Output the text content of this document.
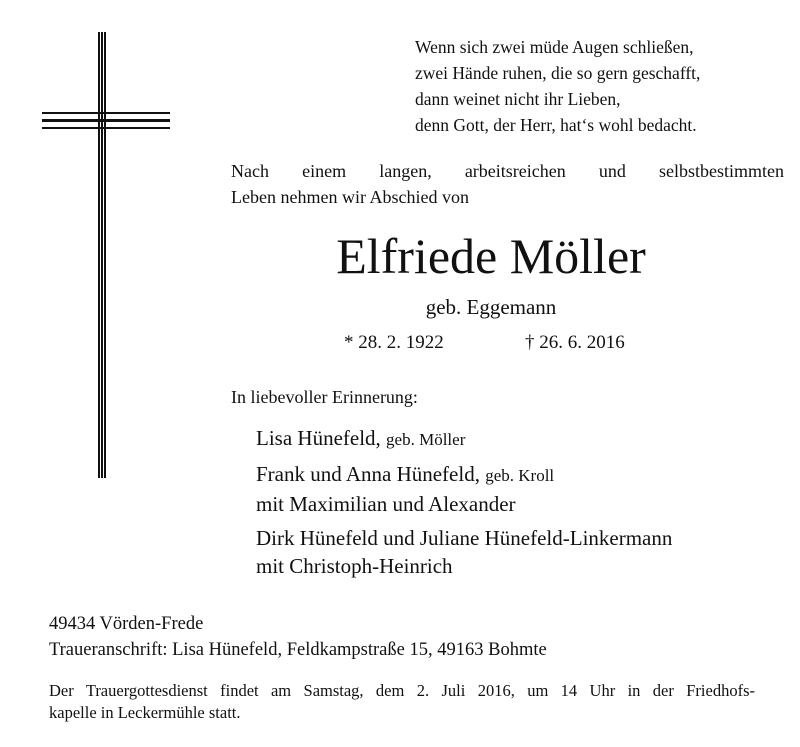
Wenn sich zwei müde Augen schließen,
zwei Hände ruhen, die so gern geschafft,
dann weinet nicht ihr Lieben,
denn Gott, der Herr, hat‘s wohl bedacht.
Nach einem langen, arbeitsreichen und selbstbestimmten
Leben nehmen wir Abschied von
Elfriede Möller
geb. Eggemann
* 28. 2. 1922	† 26. 6. 2016
In liebevoller Erinnerung:
Lisa Hünefeld, geb. Möller
Frank und Anna Hünefeld, geb. Kroll
mit Maximilian und Alexander
Dirk Hünefeld und Juliane Hünefeld-Linkermann
mit Christoph-Heinrich
49434 Vörden-Frede
Traueranschrift: Lisa Hünefeld, Feldkampstraße 15, 49163 Bohmte
Der Trauergottesdienst findet am Samstag, dem 2. Juli 2016, um 14 Uhr in der Friedhofs-
kapelle in Leckermühle statt.
